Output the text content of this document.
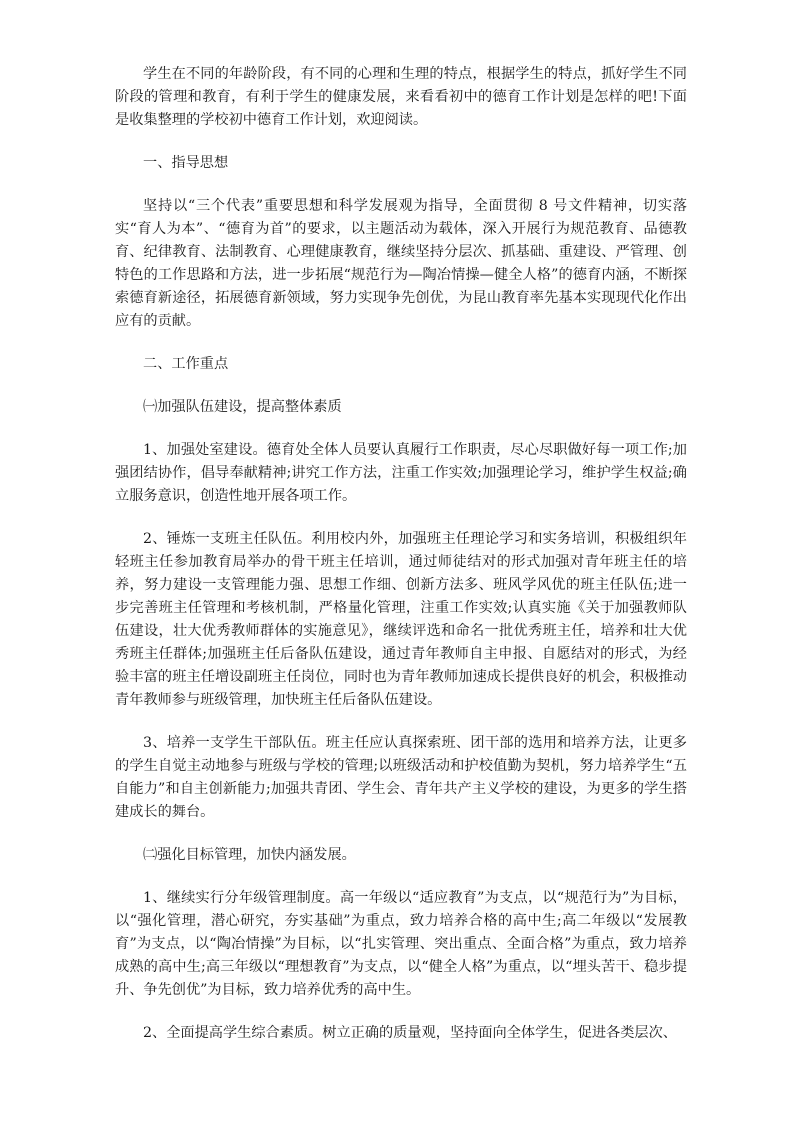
学生在不同的年龄阶段，有不同的心理和生理的特点，根据学生的特点，抓好学生不同阶段的管理和教育，有利于学生的健康发展，来看看初中的德育工作计划是怎样的吧!下面是收集整理的学校初中德育工作计划，欢迎阅读。

一、指导思想

坚持以“三个代表”重要思想和科学发展观为指导，全面贯彻 8 号文件精神，切实落实“育人为本”、“德育为首”的要求，以主题活动为载体，深入开展行为规范教育、品德教育、纪律教育、法制教育、心理健康教育，继续坚持分层次、抓基础、重建设、严管理、创特色的工作思路和方法，进一步拓展“规范行为—陶冶情操—健全人格”的德育内涵，不断探索德育新途径，拓展德育新领域，努力实现争先创优，为昆山教育率先基本实现现代化作出应有的贡献。

二、工作重点

㈠加强队伍建设，提高整体素质

1、加强处室建设。德育处全体人员要认真履行工作职责，尽心尽职做好每一项工作;加强团结协作，倡导奉献精神;讲究工作方法，注重工作实效;加强理论学习，维护学生权益;确立服务意识，创造性地开展各项工作。

2、锤炼一支班主任队伍。利用校内外，加强班主任理论学习和实务培训，积极组织年轻班主任参加教育局举办的骨干班主任培训，通过师徒结对的形式加强对青年班主任的培养，努力建设一支管理能力强、思想工作细、创新方法多、班风学风优的班主任队伍;进一步完善班主任管理和考核机制，严格量化管理，注重工作实效;认真实施《关于加强教师队伍建设，壮大优秀教师群体的实施意见》，继续评选和命名一批优秀班主任，培养和壮大优秀班主任群体;加强班主任后备队伍建设，通过青年教师自主申报、自愿结对的形式，为经验丰富的班主任增设副班主任岗位，同时也为青年教师加速成长提供良好的机会，积极推动青年教师参与班级管理，加快班主任后备队伍建设。

3、培养一支学生干部队伍。班主任应认真探索班、团干部的选用和培养方法，让更多的学生自觉主动地参与班级与学校的管理;以班级活动和护校值勤为契机，努力培养学生“五自能力”和自主创新能力;加强共青团、学生会、青年共产主义学校的建设，为更多的学生搭建成长的舞台。

㈡强化目标管理，加快内涵发展。

1、继续实行分年级管理制度。高一年级以“适应教育”为支点，以“规范行为”为目标，以“强化管理，潜心研究，夯实基础”为重点，致力培养合格的高中生;高二年级以“发展教育”为支点，以“陶冶情操”为目标，以“扎实管理、突出重点、全面合格”为重点，致力培养成熟的高中生;高三年级以“理想教育”为支点，以“健全人格”为重点，以“埋头苦干、稳步提升、争先创优”为目标，致力培养优秀的高中生。

2、全面提高学生综合素质。树立正确的质量观，坚持面向全体学生，促进各类层次、
